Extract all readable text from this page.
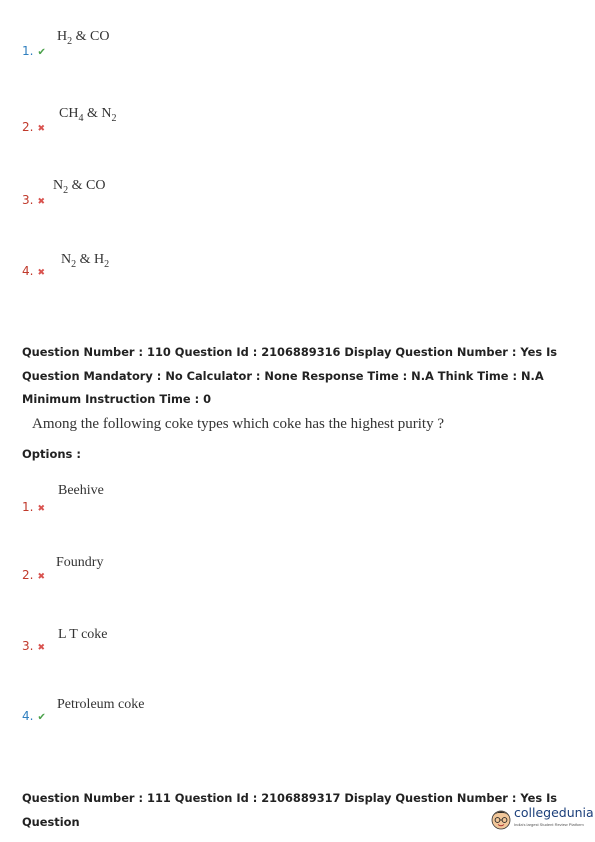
$H_2$ & CO
1. ✔
$CH_4$ & $N_2$
2. ✖
$N_2$ & CO
3. ✖
$N_2$ & $H_2$
4. ✖
Question Number : 110 Question Id : 2106889316 Display Question Number : Yes Is Question Mandatory : No Calculator : None Response Time : N.A Think Time : N.A Minimum Instruction Time : 0
Among the following coke types which coke has the highest purity ?
Options :
Beehive
1. ✖
Foundry
2. ✖
L T coke
3. ✖
Petroleum coke
4. ✔
Question Number : 111 Question Id : 2106889317 Display Question Number : Yes Is Question
collegedunia
India's largest Student Review Platform
